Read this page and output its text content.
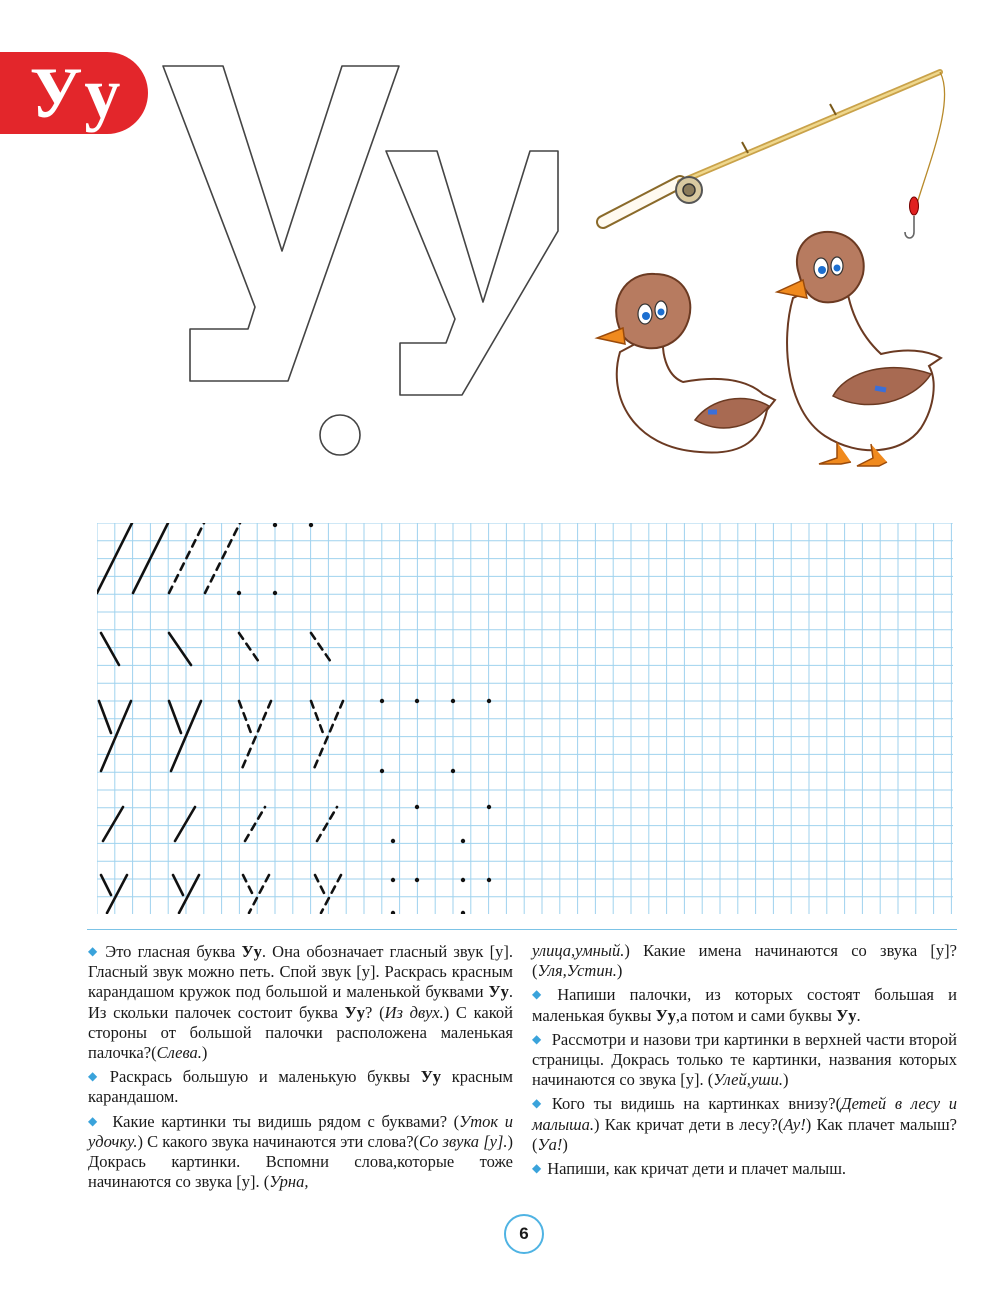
Уу

◆ Это гласная буква Уу. Она обозначает гласный звук [у]. Гласный звук можно петь. Спой звук [у]. Раскрась красным карандашом кружок под большой и маленькой буквами Уу. Из скольки палочек состоит буква Уу? (Из двух.) С какой стороны от большой палочки расположена маленькая палочка?(Слева.)

◆ Раскрась большую и маленькую буквы Уу красным карандашом.

◆ Какие картинки ты видишь рядом с буквами? (Уток и удочку.) С какого звука начинаются эти слова?(Со звука [у].) Докрась картинки. Вспомни слова,которые тоже начинаются со звука [у]. (Урна,

улица,умный.) Какие имена начинаются со звука [у]?(Уля,Устин.)

◆ Напиши палочки, из которых состоят большая и маленькая буквы Уу,а потом и сами буквы Уу.

◆ Рассмотри и назови три картинки в верхней части второй страницы. Докрась только те картинки, названия которых начинаются со звука [у]. (Улей,уши.)

◆ Кого ты видишь на картинках внизу?(Детей в лесу и малыша.) Как кричат дети в лесу?(Ау!) Как плачет малыш?(Уа!)

◆ Напиши, как кричат дети и плачет малыш.

6
